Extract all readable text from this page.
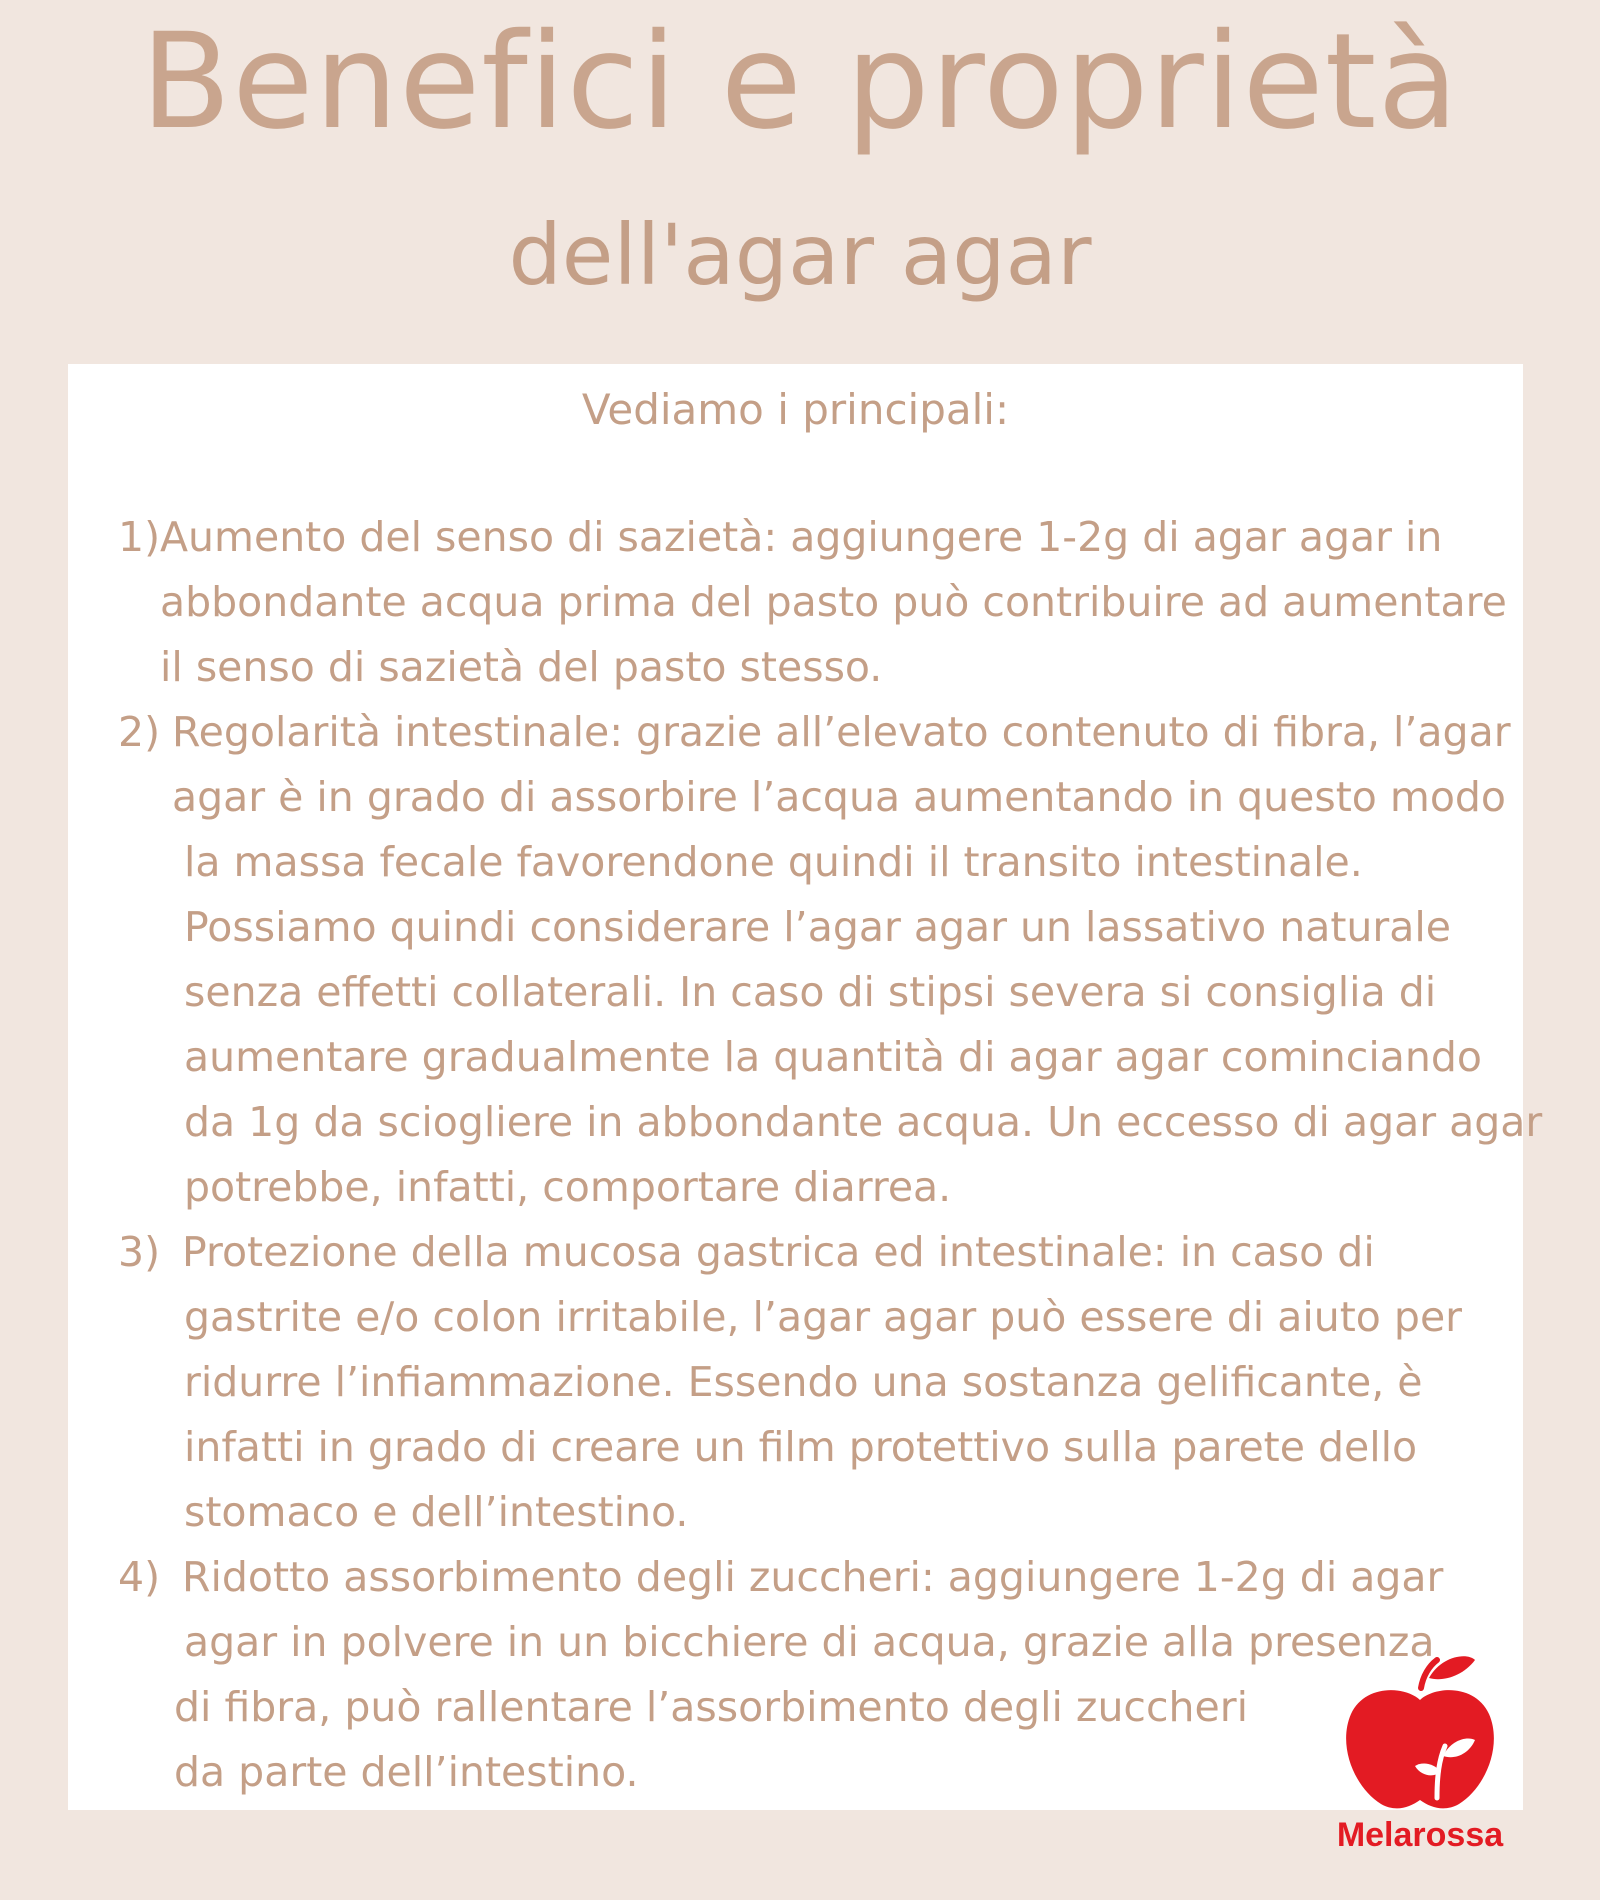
Benefici e proprietà
dell'agar agar
Vediamo i principali:
1) Aumento del senso di sazietà: aggiungere 1-2g di agar agar in
abbondante acqua prima del pasto può contribuire ad aumentare
il senso di sazietà del pasto stesso.
2) Regolarità intestinale: grazie all’elevato contenuto di fibra, l’agar
agar è in grado di assorbire l’acqua aumentando in questo modo
la massa fecale favorendone quindi il transito intestinale.
Possiamo quindi considerare l’agar agar un lassativo naturale
senza effetti collaterali. In caso di stipsi severa si consiglia di
aumentare gradualmente la quantità di agar agar cominciando
da 1g da sciogliere in abbondante acqua. Un eccesso di agar agar
potrebbe, infatti, comportare diarrea.
3) Protezione della mucosa gastrica ed intestinale: in caso di
gastrite e/o colon irritabile, l’agar agar può essere di aiuto per
ridurre l’infiammazione. Essendo una sostanza gelificante, è
infatti in grado di creare un film protettivo sulla parete dello
stomaco e dell’intestino.
4) Ridotto assorbimento degli zuccheri: aggiungere 1-2g di agar
agar in polvere in un bicchiere di acqua, grazie alla presenza
di fibra, può rallentare l’assorbimento degli zuccheri
da parte dell’intestino.
Melarossa
